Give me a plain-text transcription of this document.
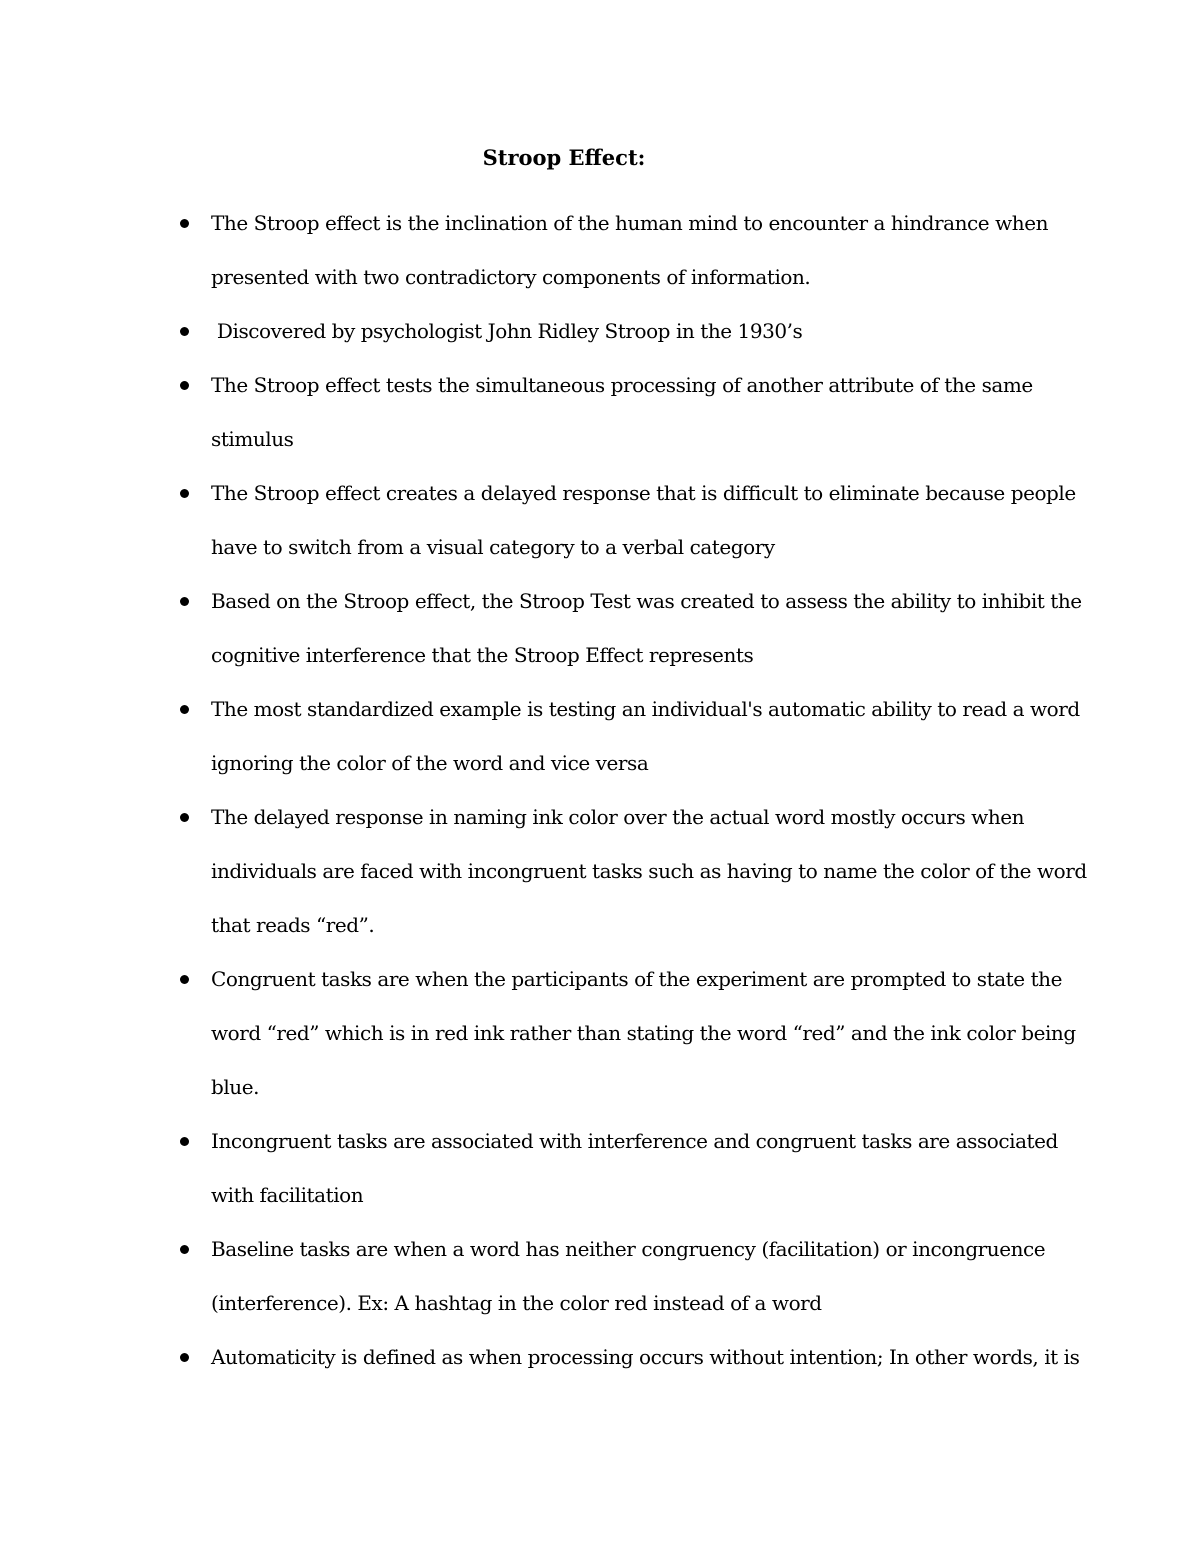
Stroop Effect:
The Stroop effect is the inclination of the human mind to encounter a hindrance when
presented with two contradictory components of information.
Discovered by psychologist John Ridley Stroop in the 1930’s
The Stroop effect tests the simultaneous processing of another attribute of the same
stimulus
The Stroop effect creates a delayed response that is difficult to eliminate because people
have to switch from a visual category to a verbal category
Based on the Stroop effect, the Stroop Test was created to assess the ability to inhibit the
cognitive interference that the Stroop Effect represents
The most standardized example is testing an individual's automatic ability to read a word
ignoring the color of the word and vice versa
The delayed response in naming ink color over the actual word mostly occurs when
individuals are faced with incongruent tasks such as having to name the color of the word
that reads “red”.
Congruent tasks are when the participants of the experiment are prompted to state the
word “red” which is in red ink rather than stating the word “red” and the ink color being
blue.
Incongruent tasks are associated with interference and congruent tasks are associated
with facilitation
Baseline tasks are when a word has neither congruency (facilitation) or incongruence
(interference). Ex: A hashtag in the color red instead of a word
Automaticity is defined as when processing occurs without intention; In other words, it is
